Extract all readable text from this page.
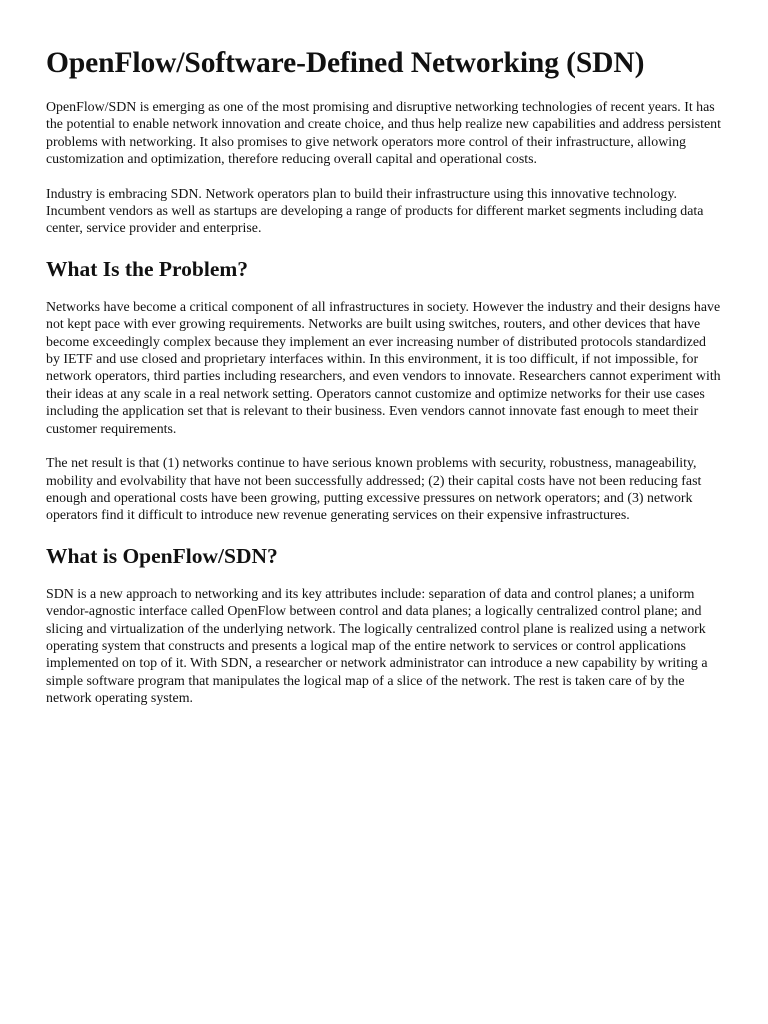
OpenFlow/Software-Defined Networking (SDN)

OpenFlow/SDN is emerging as one of the most promising and disruptive networking technologies of recent years. It has the potential to enable network innovation and create choice, and thus help realize new capabilities and address persistent problems with networking. It also promises to give network operators more control of their infrastructure, allowing customization and optimization, therefore reducing overall capital and operational costs.

Industry is embracing SDN. Network operators plan to build their infrastructure using this innovative technology. Incumbent vendors as well as startups are developing a range of products for different market segments including data center, service provider and enterprise.

What Is the Problem?

Networks have become a critical component of all infrastructures in society. However the industry and their designs have not kept pace with ever growing requirements. Networks are built using switches, routers, and other devices that have become exceedingly complex because they implement an ever increasing number of distributed protocols standardized by IETF and use closed and proprietary interfaces within. In this environment, it is too difficult, if not impossible, for network operators, third parties including researchers, and even vendors to innovate. Researchers cannot experiment with their ideas at any scale in a real network setting. Operators cannot customize and optimize networks for their use cases including the application set that is relevant to their business. Even vendors cannot innovate fast enough to meet their customer requirements.

The net result is that (1) networks continue to have serious known problems with security, robustness, manageability, mobility and evolvability that have not been successfully addressed; (2) their capital costs have not been reducing fast enough and operational costs have been growing, putting excessive pressures on network operators; and (3) network operators find it difficult to introduce new revenue generating services on their expensive infrastructures.

What is OpenFlow/SDN?

SDN is a new approach to networking and its key attributes include: separation of data and control planes; a uniform vendor-agnostic interface called OpenFlow between control and data planes; a logically centralized control plane; and slicing and virtualization of the underlying network. The logically centralized control plane is realized using a network operating system that constructs and presents a logical map of the entire network to services or control applications implemented on top of it. With SDN, a researcher or network administrator can introduce a new capability by writing a simple software program that manipulates the logical map of a slice of the network. The rest is taken care of by the network operating system.
